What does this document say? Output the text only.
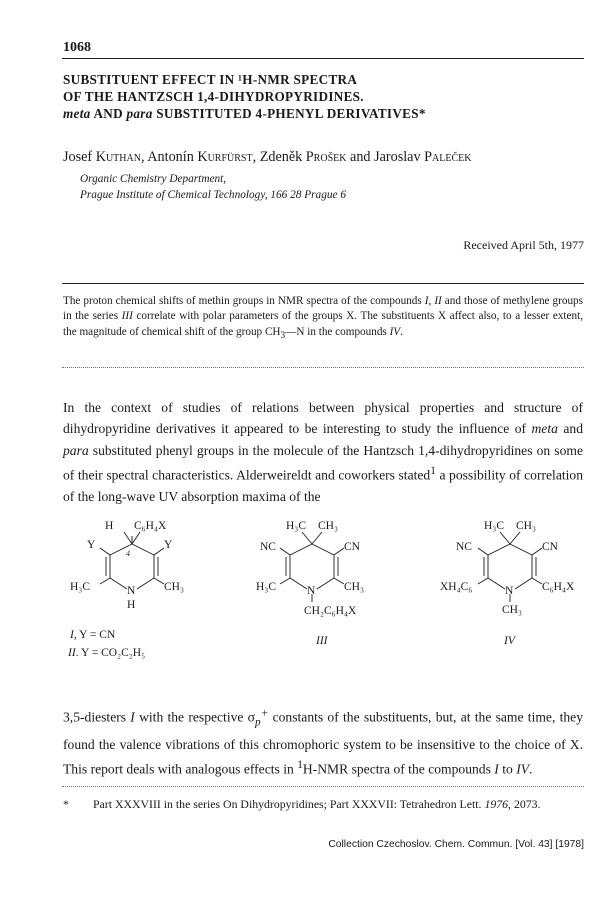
1068
SUBSTITUENT EFFECT IN ¹H-NMR SPECTRA
OF THE HANTZSCH 1,4-DIHYDROPYRIDINES.
meta AND para SUBSTITUTED 4-PHENYL DERIVATIVES*
Josef Kuthan, Antonín Kurfürst, Zdeněk Prošek and Jaroslav Paleček
Organic Chemistry Department,
Prague Institute of Chemical Technology, 166 28 Prague 6
Received April 5th, 1977
The proton chemical shifts of methin groups in NMR spectra of the compounds I, II and those of methylene groups in the series III correlate with polar parameters of the groups X. The substituents X affect also, to a lesser extent, the magnitude of chemical shift of the group $CH_3—N$ in the compounds IV.
In the context of studies of relations between physical properties and structure of dihydropyridine derivatives it appeared to be interesting to study the influence of meta and para substituted phenyl groups in the molecule of the Hantzsch 1,4-dihydropyridines on some of their spectral characteristics. Alderweireldt and coworkers stated$^1$ a possibility of correlation of the long-wave UV absorption maxima of the
H C₆H₄X
4
Y	Y
H₃C	N CH₃
H
I, Y = CN
II. Y = CO₂C₂H₅
H₃C CH₃
NC	CN
H₃C	N CH₃
CH₂C₆H₄X
III
H₃C CH₃
NC	CN
XH₄C₆	N C₆H₄X
CH₃
IV
3,5-diesters I with the respective $\sigma_p^+$ constants of the substituents, but, at the same time, they found the valence vibrations of this chromophoric system to be insensitive to the choice of X. This report deals with analogous effects in $^1$H-NMR spectra of the compounds I to IV.
* Part XXXVIII in the series On Dihydropyridines; Part XXXVII: Tetrahedron Lett. 1976, 2073.
Collection Czechoslov. Chem. Commun. [Vol. 43] [1978]
